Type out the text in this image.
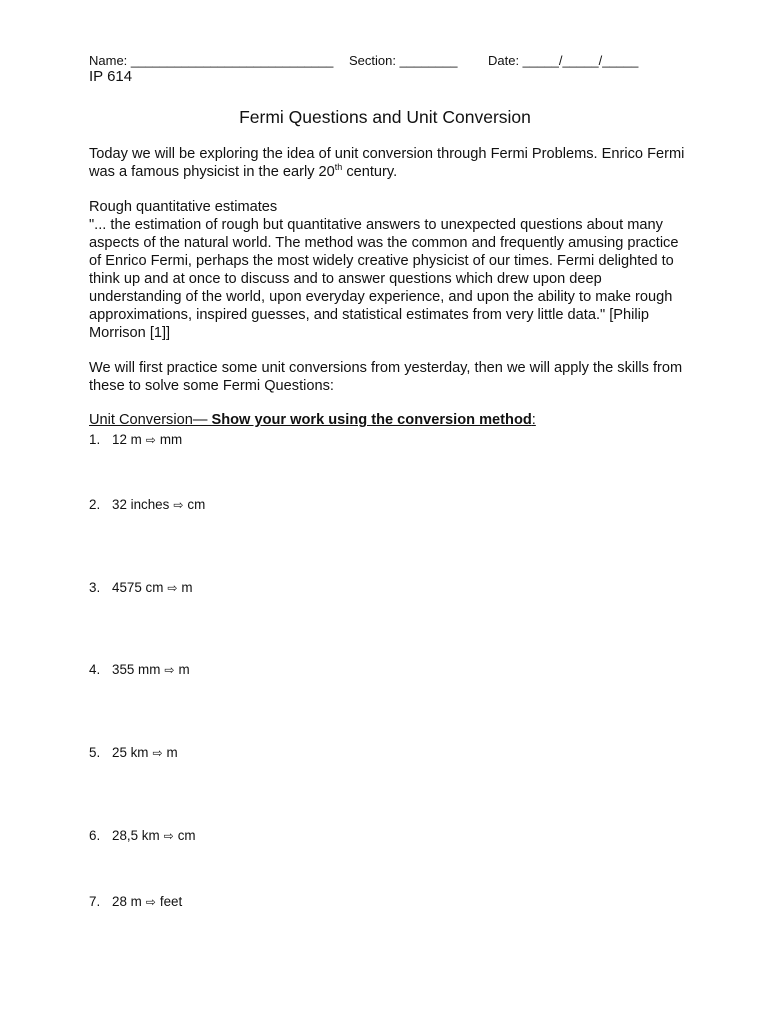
Name: ____________________________ Section: ________ Date: _____/_____/_____
IP 614
Fermi Questions and Unit Conversion
Today we will be exploring the idea of unit conversion through Fermi Problems. Enrico Fermi was a famous physicist in the early 20th century.
Rough quantitative estimates
"... the estimation of rough but quantitative answers to unexpected questions about many aspects of the natural world. The method was the common and frequently amusing practice of Enrico Fermi, perhaps the most widely creative physicist of our times. Fermi delighted to think up and at once to discuss and to answer questions which drew upon deep understanding of the world, upon everyday experience, and upon the ability to make rough approximations, inspired guesses, and statistical estimates from very little data." [Philip Morrison [1]]
We will first practice some unit conversions from yesterday, then we will apply the skills from these to solve some Fermi Questions:
Unit Conversion— Show your work using the conversion method:
1. 12 m ⇨ mm
2. 32 inches ⇨ cm
3. 4575 cm ⇨ m
4. 355 mm ⇨ m
5. 25 km ⇨ m
6. 28,5 km ⇨ cm
7. 28 m ⇨ feet
